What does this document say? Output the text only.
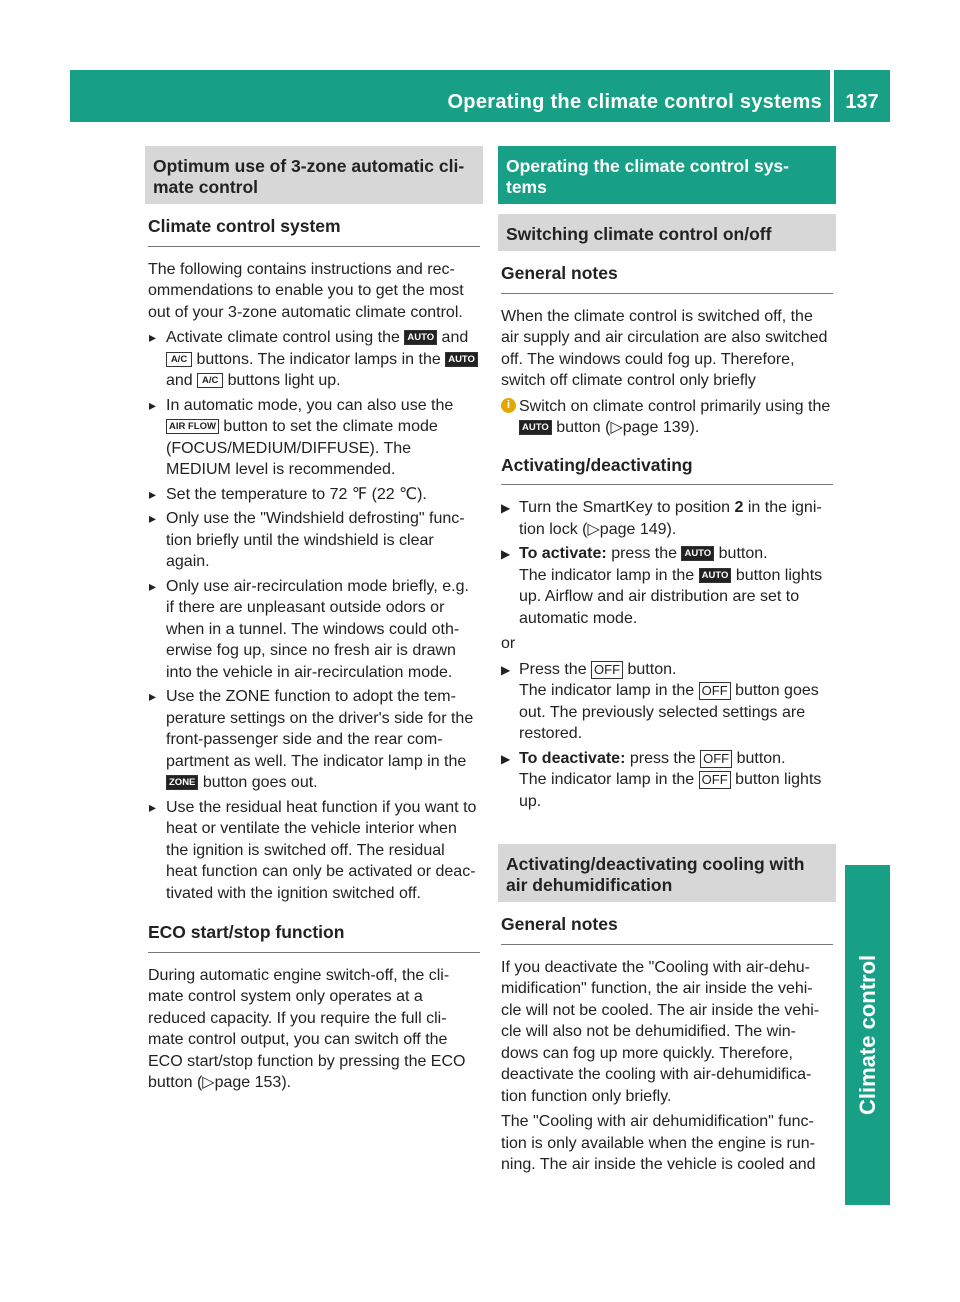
Operating the climate control systems	137
Climate control
Optimum use of 3-zone automatic cli-mate control
Climate control system

The following contains instructions and rec-ommendations to enable you to get the most out of your 3-zone automatic climate control.

▸ Activate climate control using the AUTO and A/C buttons. The indicator lamps in the AUTO and A/C buttons light up.
▸ In automatic mode, you can also use the AIR FLOW button to set the climate mode (FOCUS/MEDIUM/DIFFUSE). The MEDIUM level is recommended.
▸ Set the temperature to 72 ℉ (22 ℃).
▸ Only use the "Windshield defrosting" func-tion briefly until the windshield is clear again.
▸ Only use air-recirculation mode briefly, e.g. if there are unpleasant outside odors or when in a tunnel. The windows could oth-erwise fog up, since no fresh air is drawn into the vehicle in air-recirculation mode.
▸ Use the ZONE function to adopt the tem-perature settings on the driver's side for the front-passenger side and the rear com-partment as well. The indicator lamp in the ZONE button goes out.
▸ Use the residual heat function if you want to heat or ventilate the vehicle interior when the ignition is switched off. The residual heat function can only be activated or deac-tivated with the ignition switched off.
ECO start/stop function

During automatic engine switch-off, the cli-mate control system only operates at a reduced capacity. If you require the full cli-mate control output, you can switch off the ECO start/stop function by pressing the ECO button (▷ page 153 ) .

Operating the climate control sys-tems
Switching climate control on/off
General notes

When the climate control is switched off, the air supply and air circulation are also switched off. The windows could fog up. Therefore, switch off climate control only briefly

i Switch on climate control primarily using the AUTO button (▷ page 139 ) .
Activating/deactivating
▶ Turn the SmartKey to position 2 in the igni-tion lock (▷ page 149 ) .
▶ To activate: press the AUTO button.
The indicator lamp in the AUTO button lights up. Airflow and air distribution are set to automatic mode.

or

▶ Press the OFF button.
The indicator lamp in the OFF button goes out. The previously selected settings are restored.
▶ To deactivate: press the OFF button.
The indicator lamp in the OFF button lights up.
Activating/deactivating cooling with air dehumidification
General notes

If you deactivate the "Cooling with air-dehu-midification" function, the air inside the vehi-cle will not be cooled. The air inside the vehi-cle will also not be dehumidified. The win-dows can fog up more quickly. Therefore, deactivate the cooling with air-dehumidifica-tion function only briefly.

The "Cooling with air dehumidification" func-tion is only available when the engine is run-ning. The air inside the vehicle is cooled and
